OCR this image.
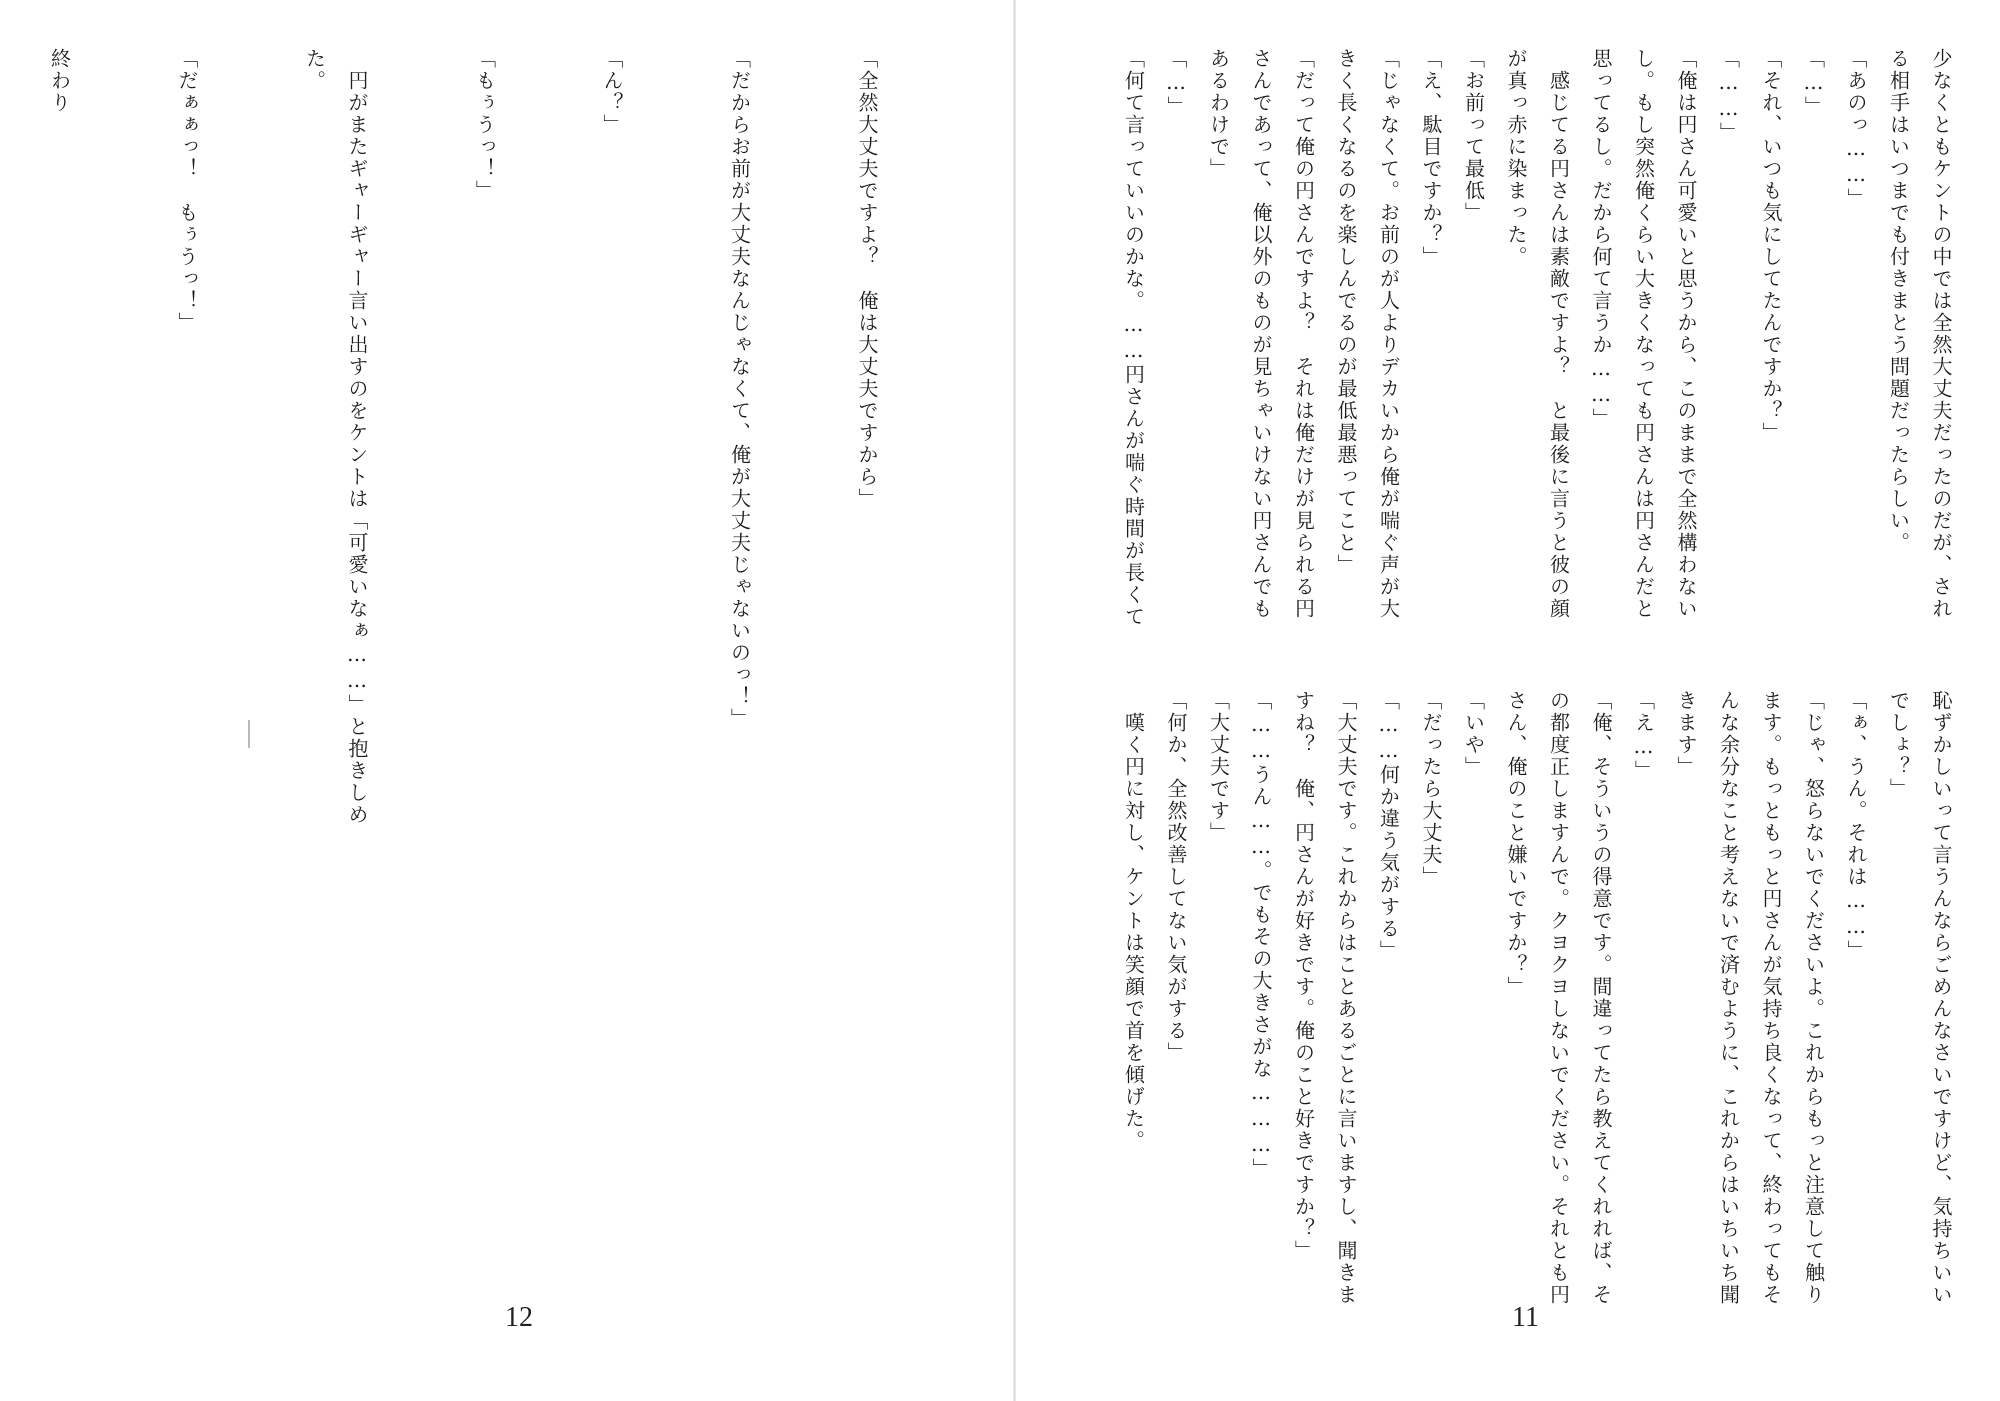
「全然大丈夫ですよ？　俺は大丈夫ですから」

「だからお前が大丈夫なんじゃなくて、俺が大丈夫じゃないのっ！」

「ん？」

「もぅうっ！」

　円がまたギャーギャー言い出すのをケントは「可愛いなぁ……」と抱きしめた。

「だぁぁっ！　もぅうっ！」

終わり

12
少なくともケントの中では全然大丈夫だったのだが、される相手はいつまでも付きまとう問題だったらしい。
「あのっ……」
「…」
「それ、いつも気にしてたんですか？」
「……」
「俺は円さん可愛いと思うから、このままで全然構わないし。もし突然俺くらい大きくなっても円さんは円さんだと思ってるし。だから何て言うか……」
　感じてる円さんは素敵ですよ？　と最後に言うと彼の顔が真っ赤に染まった。
「お前って最低」
「え、駄目ですか？」
「じゃなくて。お前のが人よりデカいから俺が喘ぐ声が大きく長くなるのを楽しんでるのが最低最悪ってこと」
「だって俺の円さんですよ？　それは俺だけが見られる円さんであって、俺以外のものが見ちゃいけない円さんでもあるわけで」
「…」
「何て言っていいのかな。……円さんが喘ぐ時間が長くて
恥ずかしいって言うんならごめんなさいですけど、気持ちいいでしょ？」
「ぁ、うん。それは……」
「じゃ、怒らないでくださいよ。これからもっと注意して触ります。もっともっと円さんが気持ち良くなって、終わってもそんな余分なこと考えないで済むように、これからはいちいち聞きます」
「え…」
「俺、そういうの得意です。間違ってたら教えてくれれば、その都度正しますんで。クヨクヨしないでください。それとも円さん、俺のこと嫌いですか？」
「いや」
「だったら大丈夫」
「……何か違う気がする」
「大丈夫です。これからはことあるごとに言いますし、聞きますね？　俺、円さんが好きです。俺のこと好きですか？」
「……うん……。でもその大きさがな………」
「大丈夫です」
「何か、全然改善してない気がする」
　嘆く円に対し、ケントは笑顔で首を傾げた。
11
